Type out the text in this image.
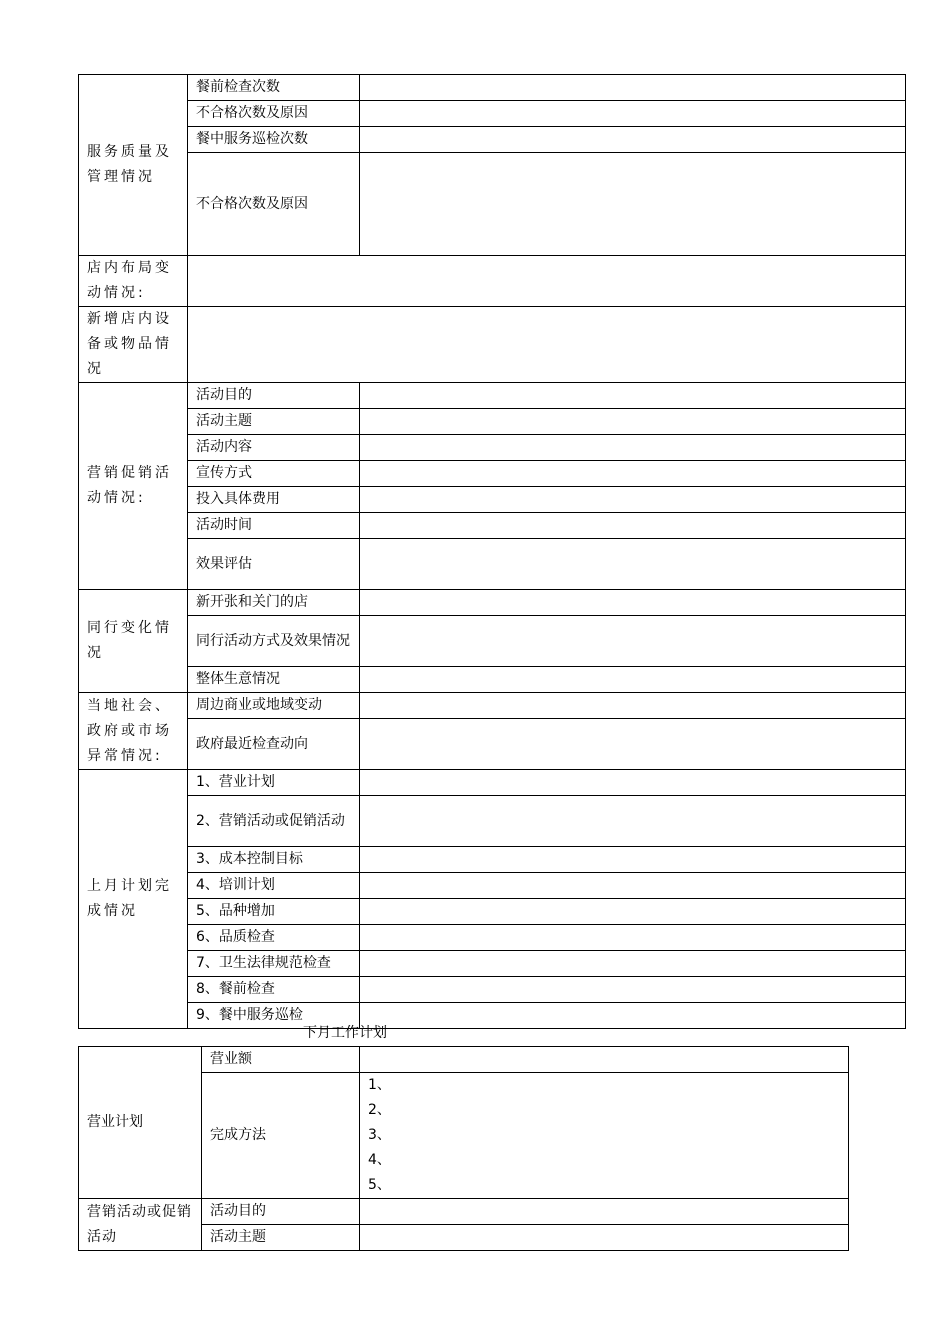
服务质量及管理情况	餐前检查次数	
	不合格次数及原因	
	餐中服务巡检次数	
	不合格次数及原因	
店内布局变动情况:		
新增店内设备或物品情况		
营销促销活动情况:	活动目的	
	活动主题	
	活动内容	
	宣传方式	
	投入具体费用	
	活动时间	
	效果评估	
同行变化情况	新开张和关门的店	
	同行活动方式及效果情况	
	整体生意情况	
当地社会、政府或市场异常情况:	周边商业或地域变动	
	政府最近检查动向	
上月计划完成情况	1、营业计划	
	2、营销活动或促销活动	
	3、成本控制目标	
	4、培训计划	
	5、品种增加	
	6、品质检查	
	7、卫生法律规范检查	
	8、餐前检查	
	9、餐中服务巡检	
下月工作计划
营业计划	营业额	
	完成方法	1、
2、
3、
4、
5、

营销活动或促销活动	活动目的	
	活动主题	
